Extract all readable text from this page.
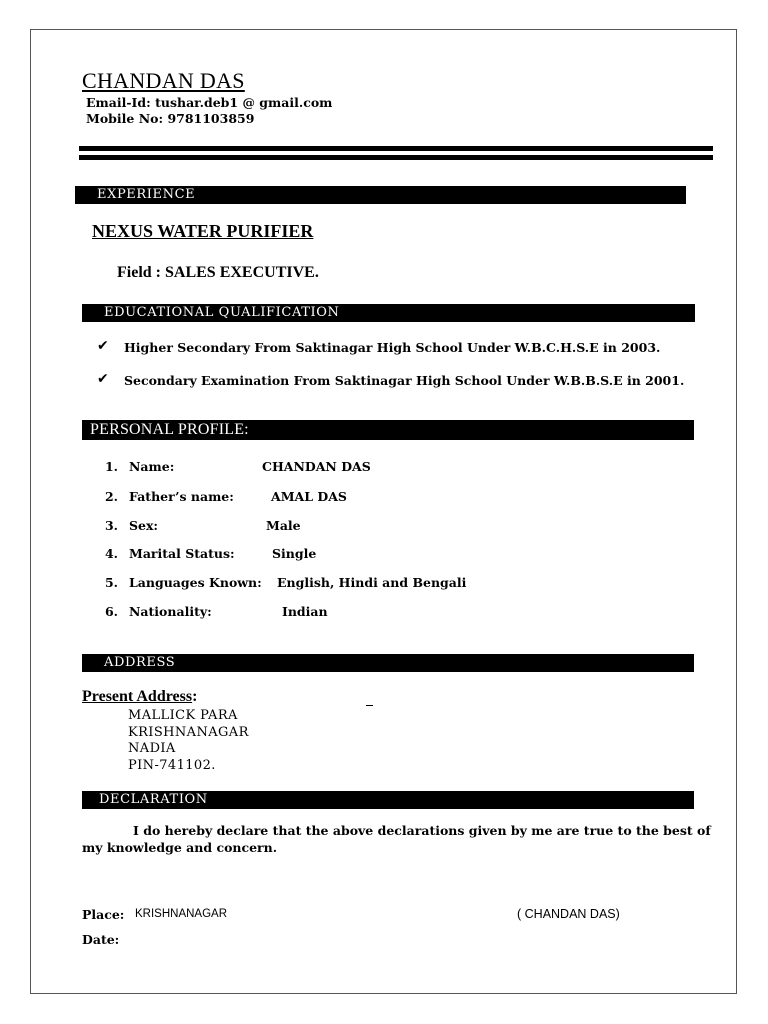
CHANDAN DAS
Email-Id: tushar.deb1 @ gmail.com
Mobile No: 9781103859
EXPERIENCE
NEXUS WATER PURIFIER
Field : SALES EXECUTIVE.
EDUCATIONAL QUALIFICATION
✔ Higher Secondary From Saktinagar High School Under W.B.C.H.S.E in 2003.
✔ Secondary Examination From Saktinagar High School Under W.B.B.S.E in 2001.
PERSONAL PROFILE:
1. Name:	CHANDAN DAS
2. Father’s name:	AMAL DAS
3. Sex:	Male
4. Marital Status:	Single
5. Languages Known: English, Hindi and Bengali
6. Nationality:	Indian
ADDRESS
Present Address:
MALLICK PARA
KRISHNANAGAR
NADIA
PIN-741102.
DECLARATION
I do hereby declare that the above declarations given by me are true to the best of
my knowledge and concern.
Place: KRISHNANAGAR	( CHANDAN DAS)
Date:
